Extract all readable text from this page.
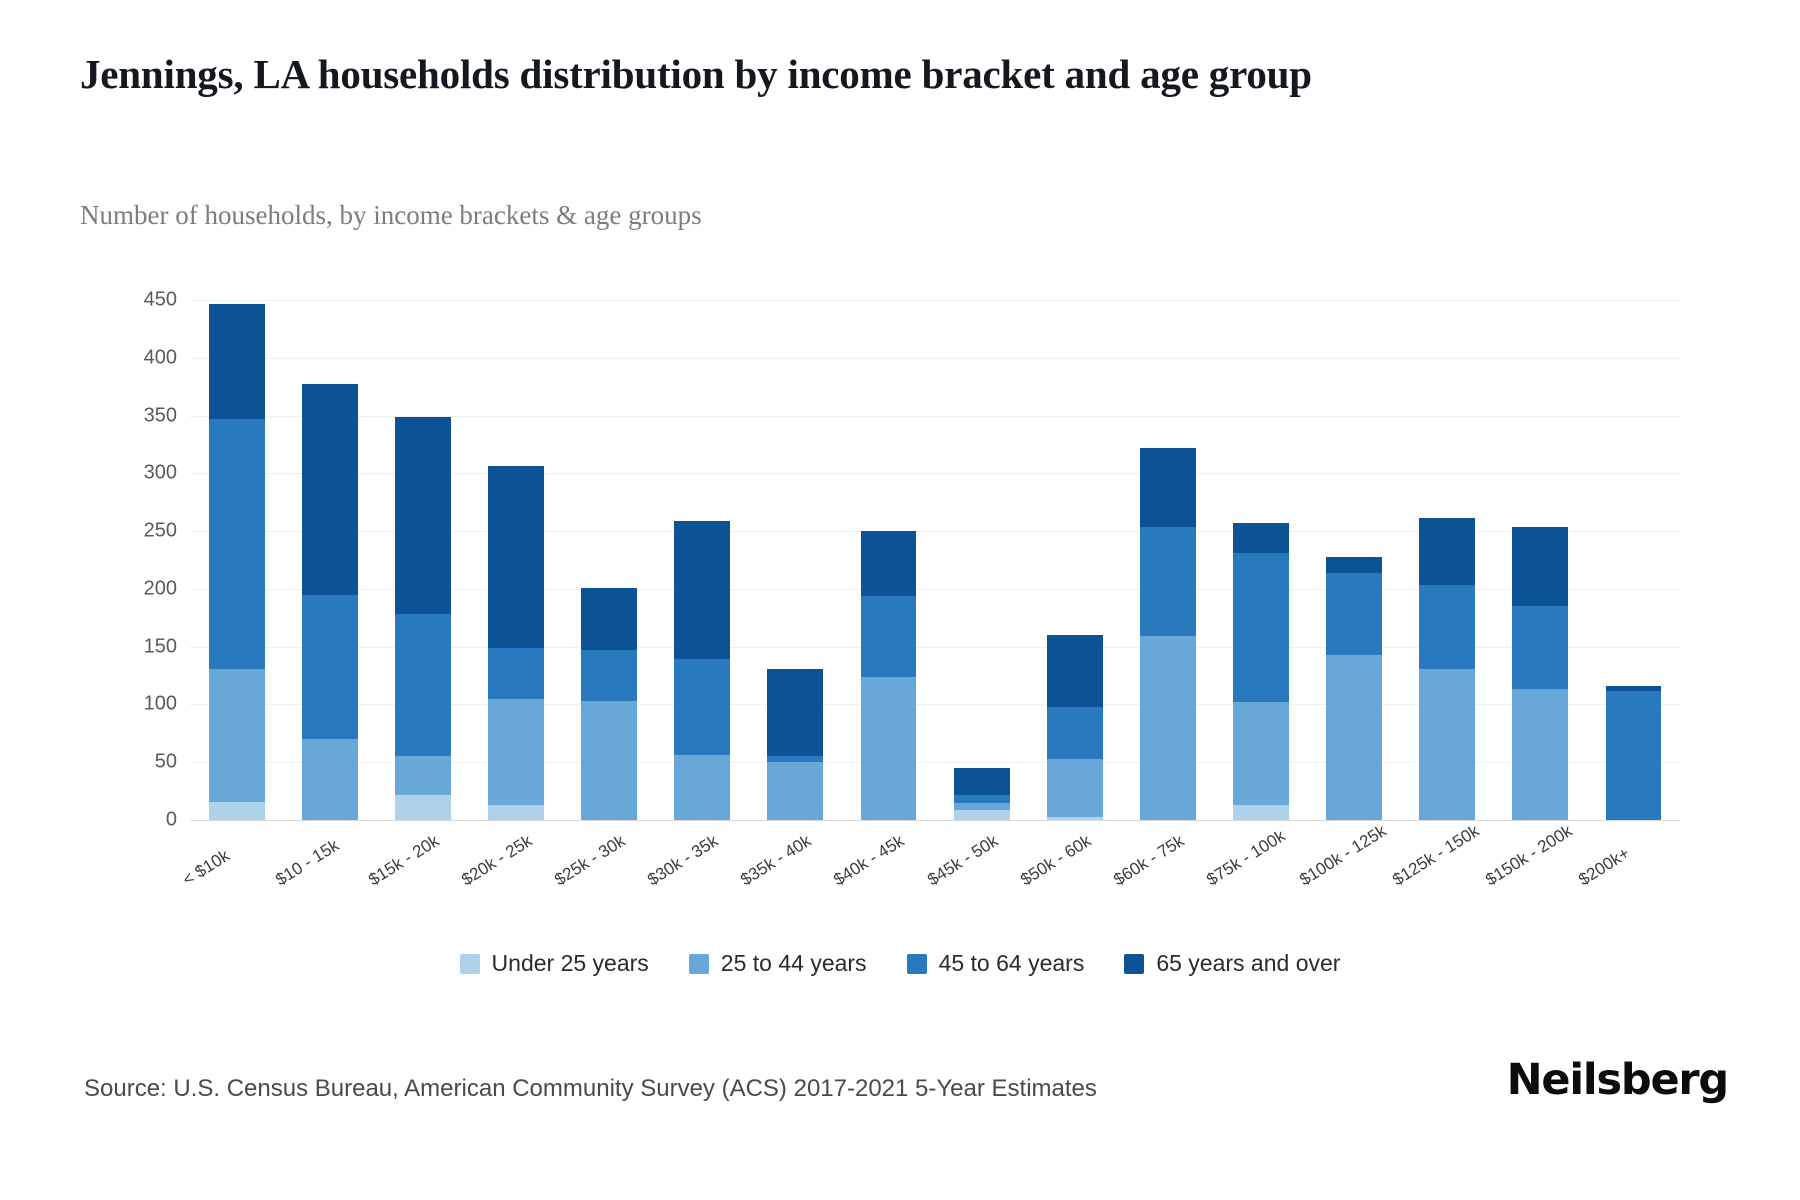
Jennings, LA households distribution by income bracket and age group
Number of households, by income brackets & age groups
0
50
100
150
200
250
300
350
400
450
< $10k $10 - 15k $15k - 20k $20k - 25k $25k - 30k $30k - 35k $35k - 40k $40k - 45k $45k - 50k $50k - 60k $60k - 75k $75k - 100k $100k - 125k $125k - 150k $150k - 200k $200k+
Under 25 years	25 to 44 years	45 to 64 years	65 years and over
Source: U.S. Census Bureau, American Community Survey (ACS) 2017-2021 5-Year Estimates	Neilsberg
